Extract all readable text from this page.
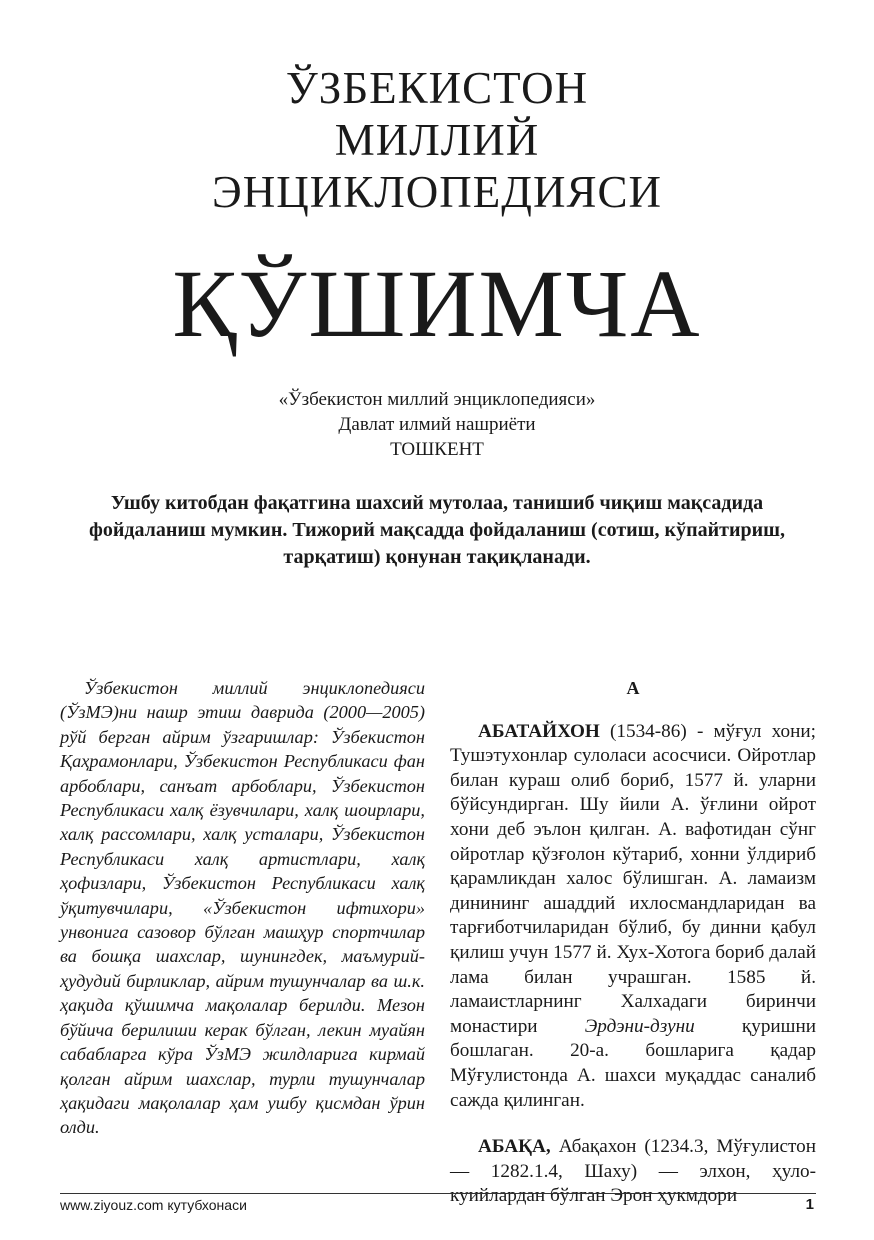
ЎЗБЕКИСТОН
МИЛЛИЙ
ЭНЦИКЛОПЕДИЯСИ
ҚЎШИМЧА
«Ўзбекистон миллий энциклопедияси»
Давлат илмий нашриёти
ТОШКЕНТ
Ушбу китобдан фақатгина шахсий мутолаа, танишиб чиқиш мақсадида фойдаланиш мумкин. Тижорий мақсадда фойдаланиш (сотиш, кўпайтириш, тарқатиш) қонунан тақиқланади.

Ўзбекистон миллий энциклопедияси (ЎзМЭ)ни нашр этиш даврида (2000—2005) рўй берган айрим ўзгаришлар: Ўзбекистон Қаҳрамонлари, Ўзбекистон Республикаси фан арбоблари, санъат арбоблари, Ўзбекистон Республикаси халқ ёзувчилари, халқ шоирлари, халқ рассомлари, халқ усталари, Ўзбекистон Республикаси халқ артистлари, халқ ҳофизлари, Ўзбекистон Республикаси халқ ўқитувчилари, «Ўзбекистон ифтихори» унвонига сазовор бўлган машҳур спортчилар ва бошқа шахслар, шунингдек, маъмурий-ҳудудий бирликлар, айрим тушунчалар ва ш.к. ҳақида қўшимча мақолалар берилди. Мезон бўйича берилиши керак бўлган, лекин муайян сабабларга кўра ЎзМЭ жилдларига кирмай қолган айрим шахслар, турли тушунчалар ҳақидаги мақолалар ҳам ушбу қисмдан ўрин олди.

А

АБАТАЙХОН (1534-86) - мўғул хони; Тушэтухонлар сулоласи асосчиси. Ойротлар билан кураш олиб бориб, 1577 й. уларни бўйсундирган. Шу йили А. ўғлини ойрот хони деб эълон қилган. А. вафотидан сўнг ойротлар қўзғолон кўтариб, хонни ўлдириб қарамликдан халос бўлишган. А. ламаизм динининг ашаддий ихлосмандларидан ва тарғиботчиларидан бўлиб, бу динни қабул қилиш учун 1577 й. Хух-Хотога бориб далай лама билан учрашган. 1585 й. ламаистларнинг Халхадаги биринчи монастири Эрдэни-дзуни қуришни бошлаган. 20-а. бошларига қадар Мўғулистонда А. шахси муқаддас саналиб сажда қилинган.

АБАҚА, Абақахон (1234.3, Мўғулистон — 1282.1.4, Шаху) — элхон, ҳуло-куийлардан бўлган Эрон ҳукмдори

www.ziyouz.com кутубхонаси	1
